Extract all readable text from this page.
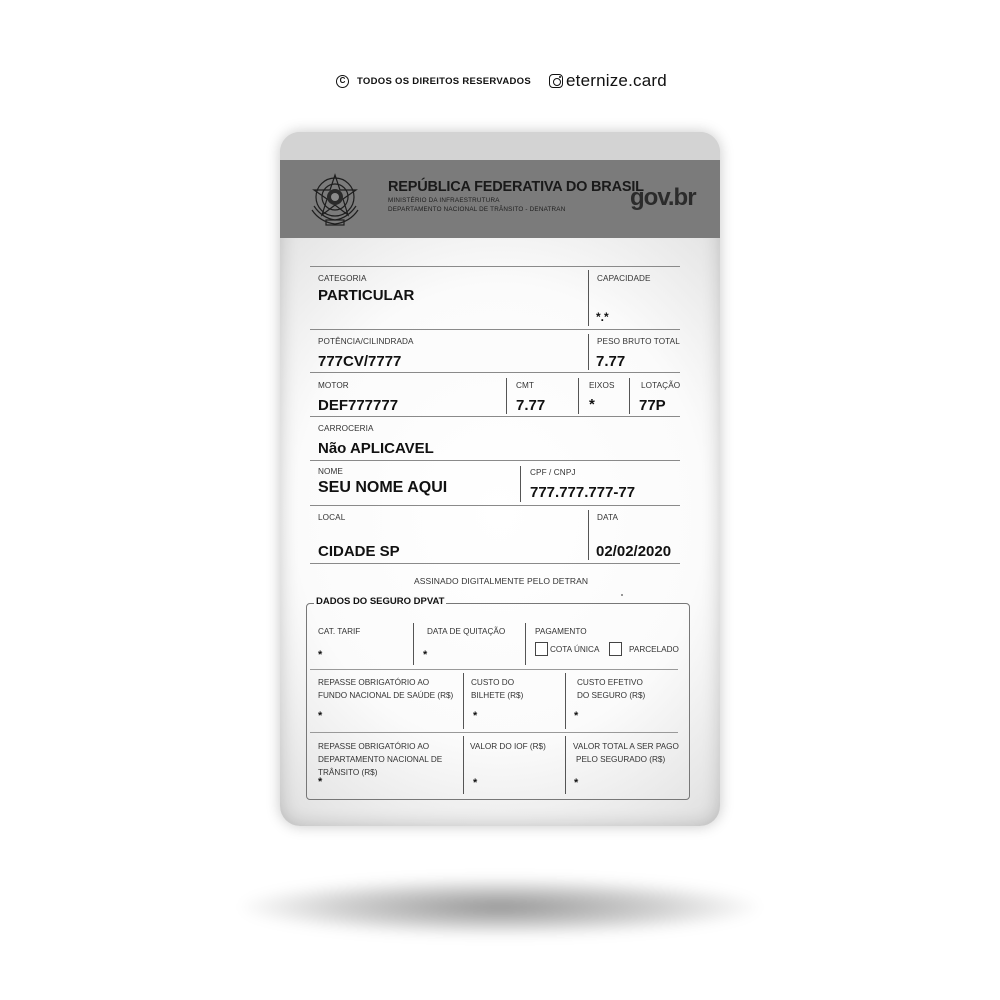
C	TODOS OS DIREITOS RESERVADOS eternize.card
REPÚBLICA FEDERATIVA DO BRASIL
MINISTÉRIO DA INFRAESTRUTURA
DEPARTAMENTO NACIONAL DE TRÂNSITO - DENATRAN	gov.br
CATEGORIA
PARTICULAR
CAPACIDADE
*.*
POTÊNCIA/CILINDRADA
777CV/7777
PESO BRUTO TOTAL
7.77
MOTOR
DEF777777
CMT
7.77
EIXOS
*
LOTAÇÃO
77P
CARROCERIA
Não APLICAVEL
NOME
SEU NOME AQUI
CPF / CNPJ
777.777.777-77
LOCAL
CIDADE SP
DATA
02/02/2020
ASSINADO DIGITALMENTE PELO DETRAN
DADOS DO SEGURO DPVAT
CAT. TARIF
*
DATA DE QUITAÇÃO
*
PAGAMENTO
COTA ÚNICA	PARCELADO
REPASSE OBRIGATÓRIO AO
FUNDO NACIONAL DE SAÚDE (R$)
*
CUSTO DO
BILHETE (R$)
*
CUSTO EFETIVO
DO SEGURO (R$)
*
REPASSE OBRIGATÓRIO AO
DEPARTAMENTO NACIONAL DE
TRÂNSITO (R$)
*
VALOR DO IOF (R$)
*
VALOR TOTAL A SER PAGO
PELO SEGURADO (R$)
*
